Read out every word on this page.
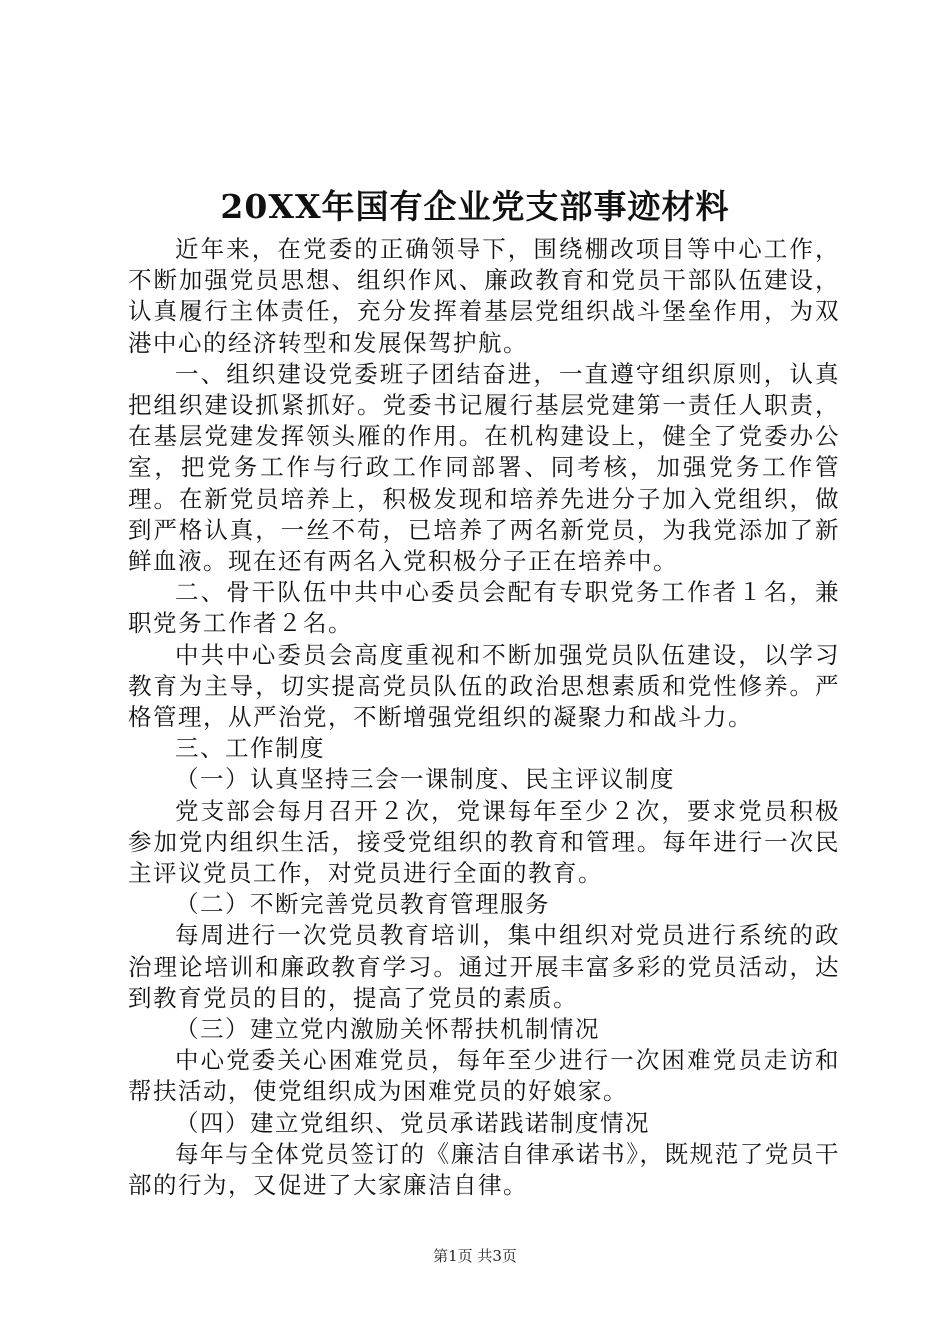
20XX年国有企业党支部事迹材料

近年来，在党委的正确领导下，围绕棚改项目等中心工作，不断加强党员思想、组织作风、廉政教育和党员干部队伍建设，认真履行主体责任，充分发挥着基层党组织战斗堡垒作用，为双港中心的经济转型和发展保驾护航。

一、组织建设党委班子团结奋进，一直遵守组织原则，认真把组织建设抓紧抓好。党委书记履行基层党建第一责任人职责，在基层党建发挥领头雁的作用。在机构建设上，健全了党委办公室，把党务工作与行政工作同部署、同考核，加强党务工作管理。在新党员培养上，积极发现和培养先进分子加入党组织，做到严格认真，一丝不苟，已培养了两名新党员，为我党添加了新鲜血液。现在还有两名入党积极分子正在培养中。

二、骨干队伍中共中心委员会配有专职党务工作者１名，兼职党务工作者２名。

中共中心委员会高度重视和不断加强党员队伍建设，以学习教育为主导，切实提高党员队伍的政治思想素质和党性修养。严格管理，从严治党，不断增强党组织的凝聚力和战斗力。

三、工作制度

（一）认真坚持三会一课制度、民主评议制度

党支部会每月召开２次，党课每年至少２次，要求党员积极参加党内组织生活，接受党组织的教育和管理。每年进行一次民主评议党员工作，对党员进行全面的教育。

（二）不断完善党员教育管理服务

每周进行一次党员教育培训，集中组织对党员进行系统的政治理论培训和廉政教育学习。通过开展丰富多彩的党员活动，达到教育党员的目的，提高了党员的素质。

（三）建立党内激励关怀帮扶机制情况

中心党委关心困难党员，每年至少进行一次困难党员走访和帮扶活动，使党组织成为困难党员的好娘家。

（四）建立党组织、党员承诺践诺制度情况

每年与全体党员签订的《廉洁自律承诺书》，既规范了党员干部的行为，又促进了大家廉洁自律。

第1页 共3页
